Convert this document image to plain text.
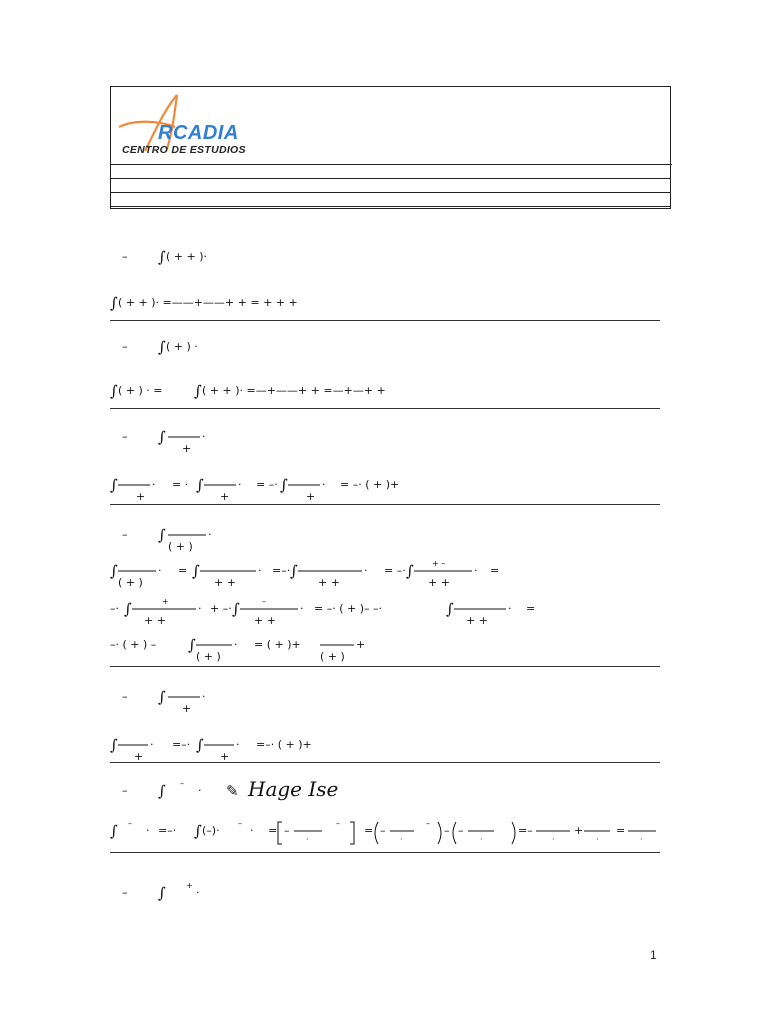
RCADIA
CENTRO DE ESTUDIOS
– ∫ ( + + )·
∫ ( + + )· =——+——+ + = + + +
– ∫ ( + ) ·
∫ ( + ) · = ∫ ( + + )· =—+——+ + =—+—+ +
– ∫	·
+
∫	·
+
= · ∫	·
+
= –· ∫	·
+
= –· ( + )+
– ∫	·
( + )
∫	·
( + )
= ∫	·
+ +
=–· ∫	·
+ +
= –· ∫ + –
·
+ +
=
–· ∫	+
·
+ +
+ –· ∫	–
·
+ +
= –· ( + )– –·	∫	·
+ +
=
–· ( + ) – ∫	·
( + )
= ( + )+	+
( + )
– ∫	·
+
∫	·
+
=–· ∫	·
+
=–· ( + )+
– ∫ –
· ✎ Hage Ise
∫ –
· =–· ∫ (–)·
–
· = –
·
–
= –
·
–
– –
·
=–
·
+
·
=
·
– ∫	+
·
1
